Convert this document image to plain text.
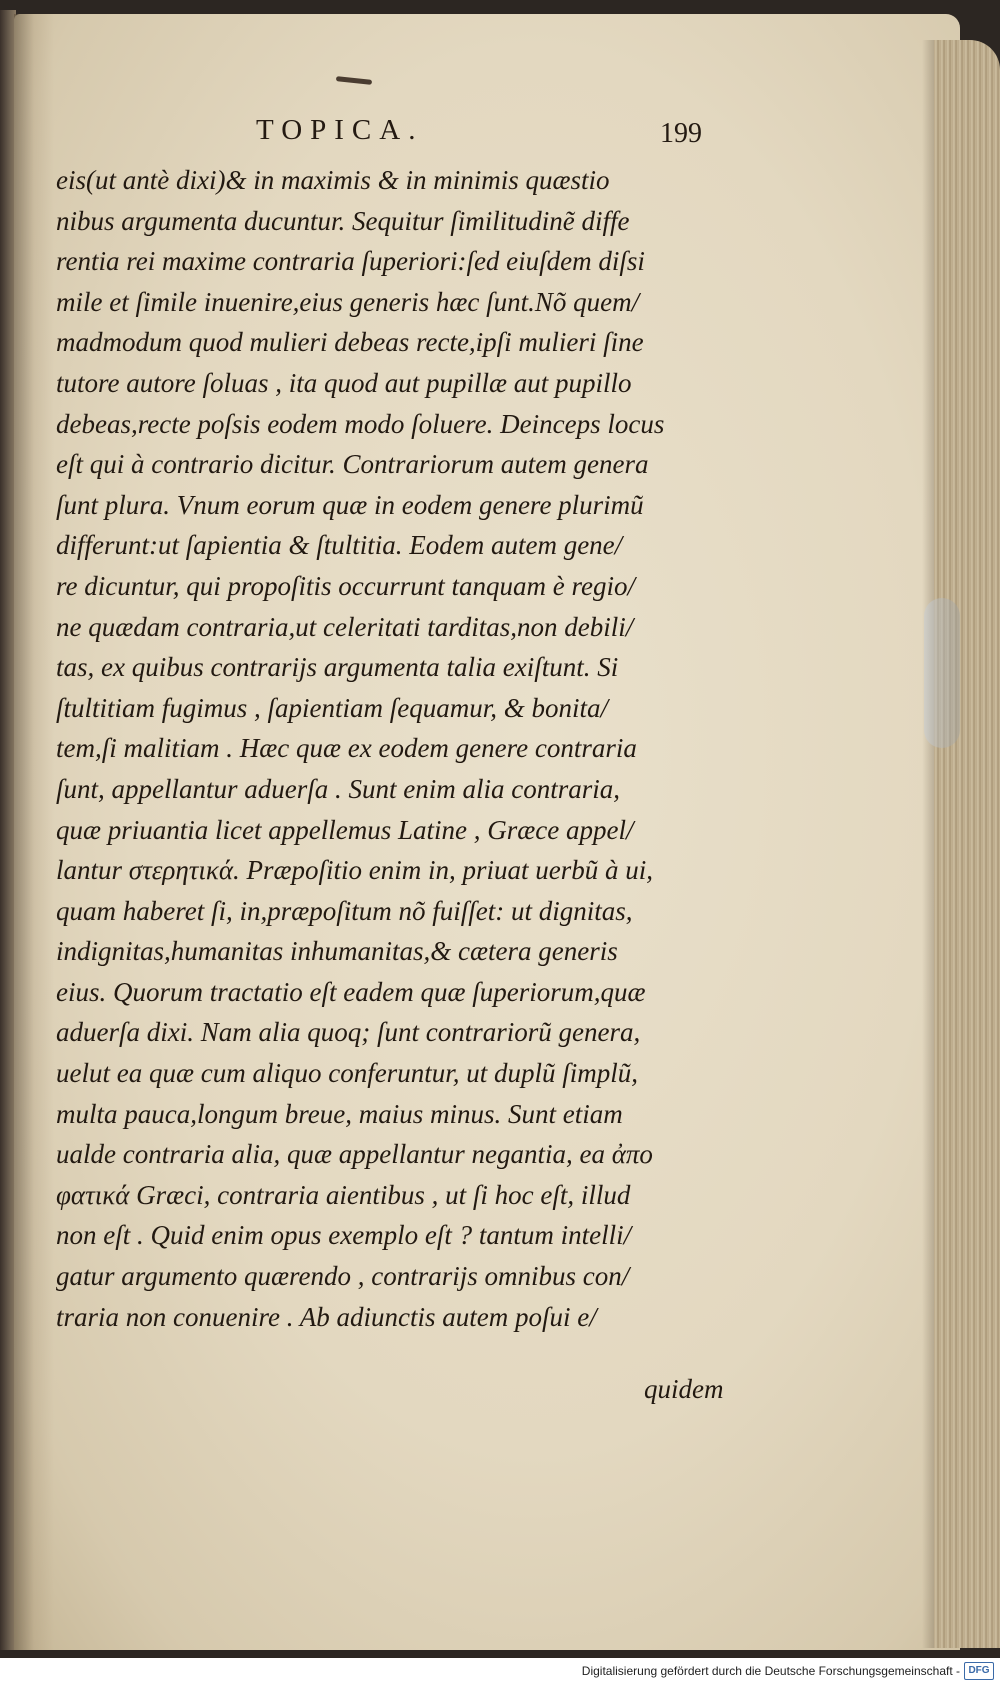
TOPICA.	199
eis(ut antè dixi)& in maximis & in minimis quæstio
nibus argumenta ducuntur. Sequitur ſimilitudinẽ diffe
rentia rei maxime contraria ſuperiori:ſed eiuſdem diſsi
mile et ſimile inuenire,eius generis hæc ſunt.Nõ quem/
madmodum quod mulieri debeas recte,ipſi mulieri ſine
tutore autore ſoluas , ita quod aut pupillæ aut pupillo
debeas,recte poſsis eodem modo ſoluere. Deinceps locus
eſt qui à contrario dicitur. Contrariorum autem genera
ſunt plura. Vnum eorum quæ in eodem genere plurimũ
differunt:ut ſapientia & ſtultitia. Eodem autem gene/
re dicuntur, qui propoſitis occurrunt tanquam è regio/
ne quædam contraria,ut celeritati tarditas,non debili/
tas, ex quibus contrarijs argumenta talia exiſtunt. Si
ſtultitiam fugimus , ſapientiam ſequamur, & bonita/
tem,ſi malitiam . Hæc quæ ex eodem genere contraria
ſunt, appellantur aduerſa . Sunt enim alia contraria,
quæ priuantia licet appellemus Latine , Græce appel/
lantur στερητικά. Præpoſitio enim in, priuat uerbũ à ui,
quam haberet ſi, in,præpoſitum nõ fuiſſet: ut dignitas,
indignitas,humanitas inhumanitas,& cætera generis
eius. Quorum tractatio eſt eadem quæ ſuperiorum,quæ
aduerſa dixi. Nam alia quoq; ſunt contrariorũ genera,
uelut ea quæ cum aliquo conferuntur, ut duplũ ſimplũ,
multa pauca,longum breue, maius minus. Sunt etiam
ualde contraria alia, quæ appellantur negantia, ea ἀπο
φατικά Græci, contraria aientibus , ut ſi hoc eſt, illud
non eſt . Quid enim opus exemplo eſt ? tantum intelli/
gatur argumento quærendo , contrarijs omnibus con/
traria non conuenire . Ab adiunctis autem poſui e/
quidem
Digitalisierung gefördert durch die Deutsche Forschungsgemeinschaft - DFG
